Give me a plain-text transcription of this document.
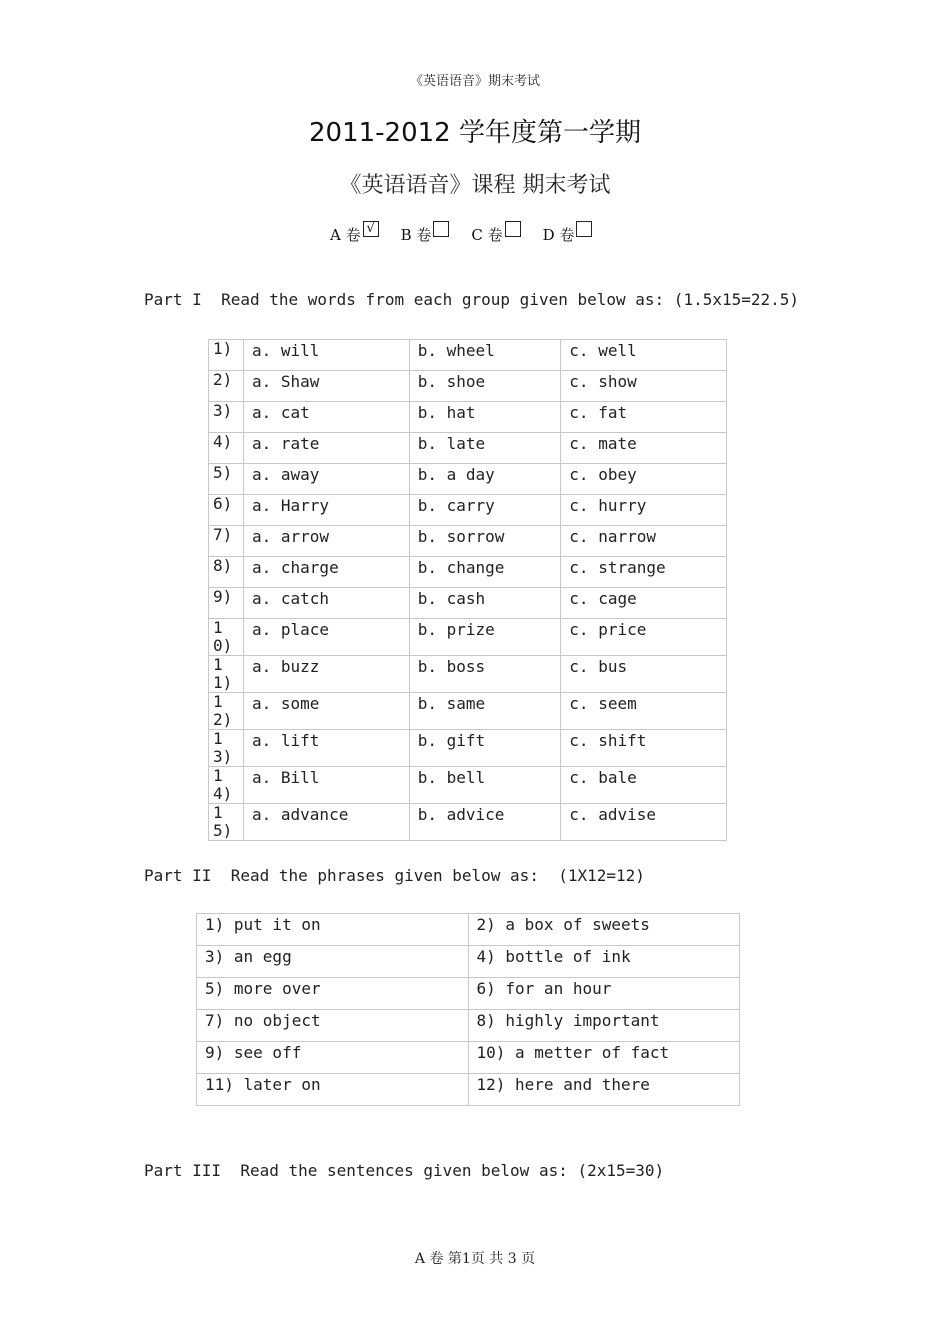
《英语语音》期末考试
2011-2012 学年度第一学期
《英语语音》课程 期末考试
A 卷 √ B 卷	C 卷	D 卷
Part I  Read the words from each group given below as: (1.5x15=22.5)
1)	a. will	b. wheel	c. well

2)	a. Shaw	b. shoe	c. show

3)	a. cat	b. hat	c. fat

4)	a. rate	b. late	c. mate

5)	a. away	b. a day	c. obey

6)	a. Harry	b. carry	c. hurry

7)	a. arrow	b. sorrow	c. narrow

8)	a. charge	b. change	c. strange

9)	a. catch	b. cash	c. cage

10)	a. place	b. prize	c. price

11)	a. buzz	b. boss	c. bus

12)	a. some	b. same	c. seem

13)	a. lift	b. gift	c. shift

14)	a. Bill	b. bell	c. bale

15)	a. advance	b. advice	c. advise
Part II  Read the phrases given below as:  (1X12=12)
1) put it on	2) a box of sweets
3) an egg	4) bottle of ink
5) more over	6) for an hour
7) no object	8) highly important
9) see off	10) a metter of fact
11) later on	12) here and there
Part III  Read the sentences given below as: (2x15=30)
A 卷 第1页 共 3 页
